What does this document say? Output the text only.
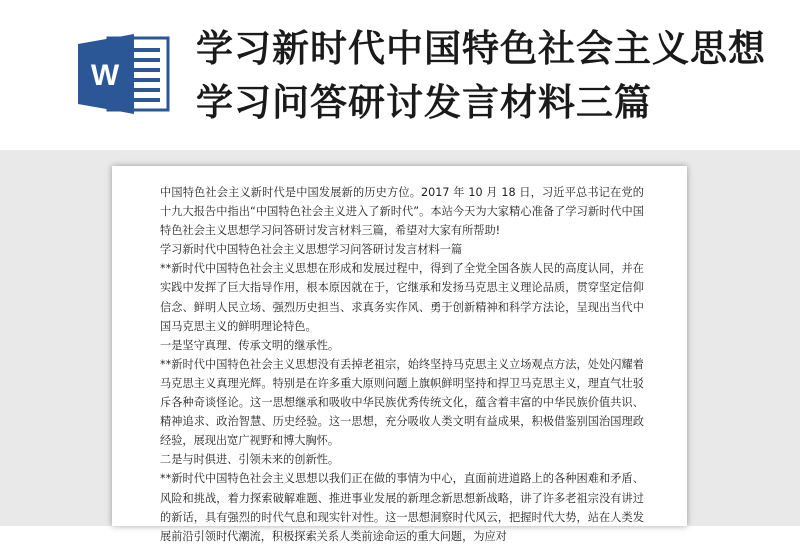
W
学习新时代中国特色社会主义思想学习问答研讨发言材料三篇

中国特色社会主义新时代是中国发展新的历史方位。2017 年 10 月 18 日，习近平总书记在党的十九大报告中指出“中国特色社会主义进入了新时代”。本站今天为大家精心准备了学习新时代中国特色社会主义思想学习问答研讨发言材料三篇，希望对大家有所帮助!

学习新时代中国特色社会主义思想学习问答研讨发言材料一篇

**新时代中国特色社会主义思想在形成和发展过程中，得到了全党全国各族人民的高度认同，并在实践中发挥了巨大指导作用，根本原因就在于，它继承和发扬马克思主义理论品质，贯穿坚定信仰信念、鲜明人民立场、强烈历史担当、求真务实作风、勇于创新精神和科学方法论，呈现出当代中国马克思主义的鲜明理论特色。

一是坚守真理、传承文明的继承性。

**新时代中国特色社会主义思想没有丢掉老祖宗，始终坚持马克思主义立场观点方法，处处闪耀着马克思主义真理光辉。特别是在许多重大原则问题上旗帜鲜明坚持和捍卫马克思主义，理直气壮驳斥各种奇谈怪论。这一思想继承和吸收中华民族优秀传统文化，蕴含着丰富的中华民族价值共识、精神追求、政治智慧、历史经验。这一思想，充分吸收人类文明有益成果，积极借鉴别国治国理政经验，展现出宽广视野和博大胸怀。

二是与时俱进、引领未来的创新性。

**新时代中国特色社会主义思想以我们正在做的事情为中心，直面前进道路上的各种困难和矛盾、风险和挑战，着力探索破解难题、推进事业发展的新理念新思想新战略，讲了许多老祖宗没有讲过的新话，具有强烈的时代气息和现实针对性。这一思想洞察时代风云，把握时代大势，站在人类发展前沿引领时代潮流，积极探索关系人类前途命运的重大问题，为应对
